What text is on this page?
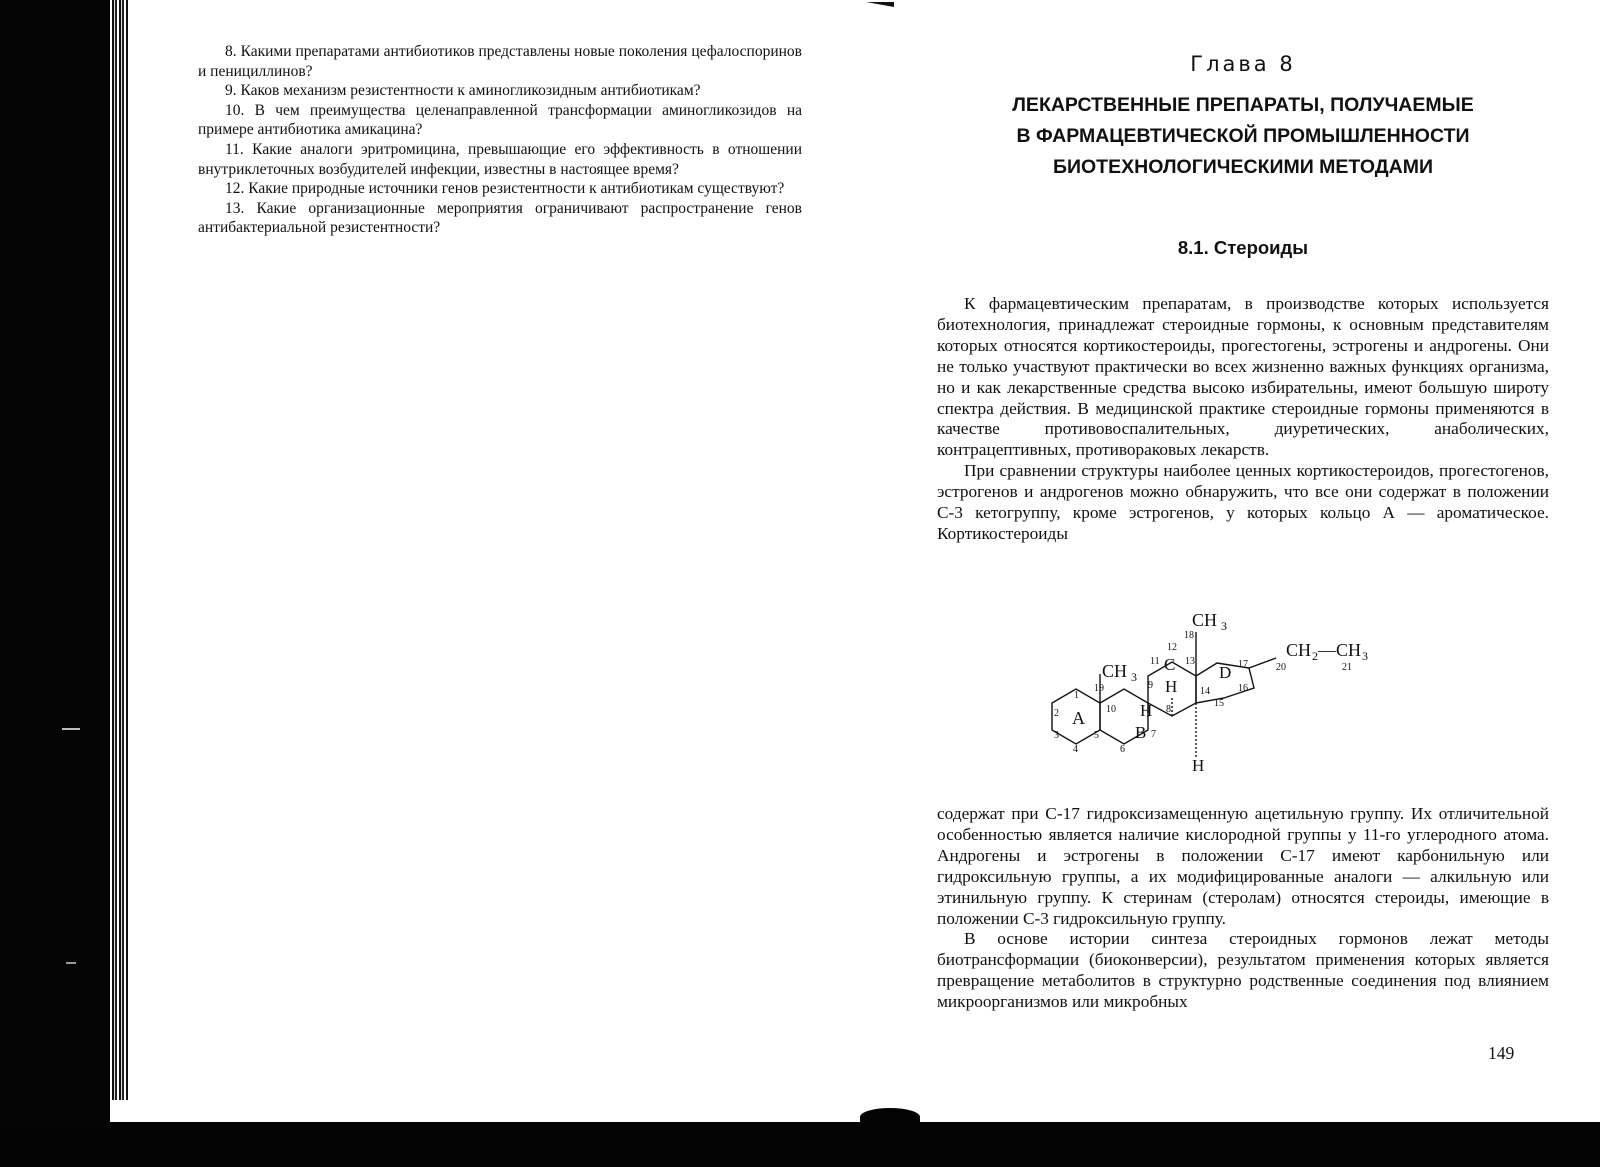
8. Какими препаратами антибиотиков представлены новые поколения цефалоспоринов и пенициллинов?

9. Каков механизм резистентности к аминогликозидным антибиотикам?

10. В чем преимущества целенаправленной трансформации аминогликозидов на примере антибиотика амикацина?

11. Какие аналоги эритромицина, превышающие его эффективность в отношении внутриклеточных возбудителей инфекции, известны в настоящее время?

12. Какие природные источники генов резистентности к антибиотикам существуют?

13. Какие организационные мероприятия ограничивают распространение генов антибактериальной резистентности?

Глава 8
ЛЕКАРСТВЕННЫЕ ПРЕПАРАТЫ, ПОЛУЧАЕМЫЕ
В ФАРМАЦЕВТИЧЕСКОЙ ПРОМЫШЛЕННОСТИ
БИОТЕХНОЛОГИЧЕСКИМИ МЕТОДАМИ
8.1. Стероиды

К фармацевтическим препаратам, в производстве которых используется биотехнология, принадлежат стероидные гормоны, к основным представителям которых относятся кортикостероиды, прогестогены, эстрогены и андрогены. Они не только участвуют практически во всех жизненно важных функциях организма, но и как лекарственные средства высоко избирательны, имеют большую широту спектра действия. В медицинской практике стероидные гормоны применяются в качестве противовоспалительных, диуретических, анаболических, контрацептивных, противораковых лекарств.

При сравнении структуры наиболее ценных кортикостероидов, прогестогенов, эстрогенов и андрогенов можно обнаружить, что все они содержат в положении С-3 кетогруппу, кроме эстрогенов, у которых кольцо А — ароматическое. Кортикостероиды

A
B
C	D
CH 3
CH 3
CH 2 — CH 3
H
H
H
1
2
3
4
5
6
7
8
9
10
11
12
13
14
15
16
17
18
19
20	21

содержат при С-17 гидроксизамещенную ацетильную группу. Их отличительной особенностью является наличие кислородной группы у 11-го углеродного атома. Андрогены и эстрогены в положении С-17 имеют карбонильную или гидроксильную группы, а их модифицированные аналоги — алкильную или этинильную группу. К стеринам (стеролам) относятся стероиды, имеющие в положении С-3 гидроксильную группу.

В основе истории синтеза стероидных гормонов лежат методы биотрансформации (биоконверсии), результатом применения которых является превращение метаболитов в структурно родственные соединения под влиянием микроорганизмов или микробных

149
